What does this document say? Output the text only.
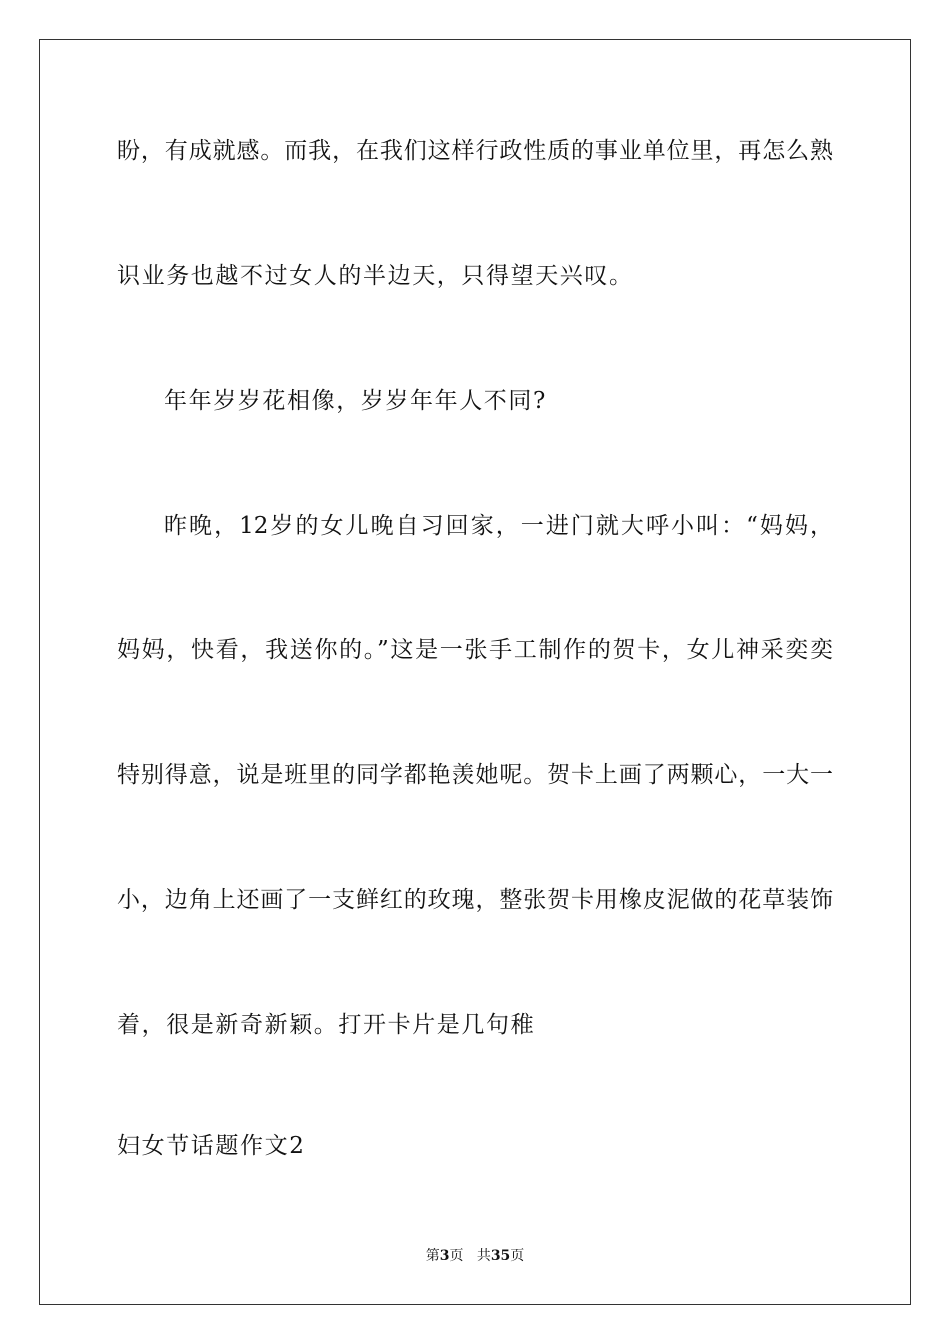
盼，有成就感。而我，在我们这样行政性质的事业单位里，再怎么熟
识业务也越不过女人的半边天，只得望天兴叹。
年年岁岁花相像，岁岁年年人不同?
昨晚，12岁的女儿晚自习回家，一进门就大呼小叫：“妈妈，
妈妈，快看，我送你的。”这是一张手工制作的贺卡，女儿神采奕奕
特别得意，说是班里的同学都艳羡她呢。贺卡上画了两颗心，一大一
小，边角上还画了一支鲜红的玫瑰，整张贺卡用橡皮泥做的花草装饰
着，很是新奇新颖。打开卡片是几句稚
妇女节话题作文2
第3页 共35页
